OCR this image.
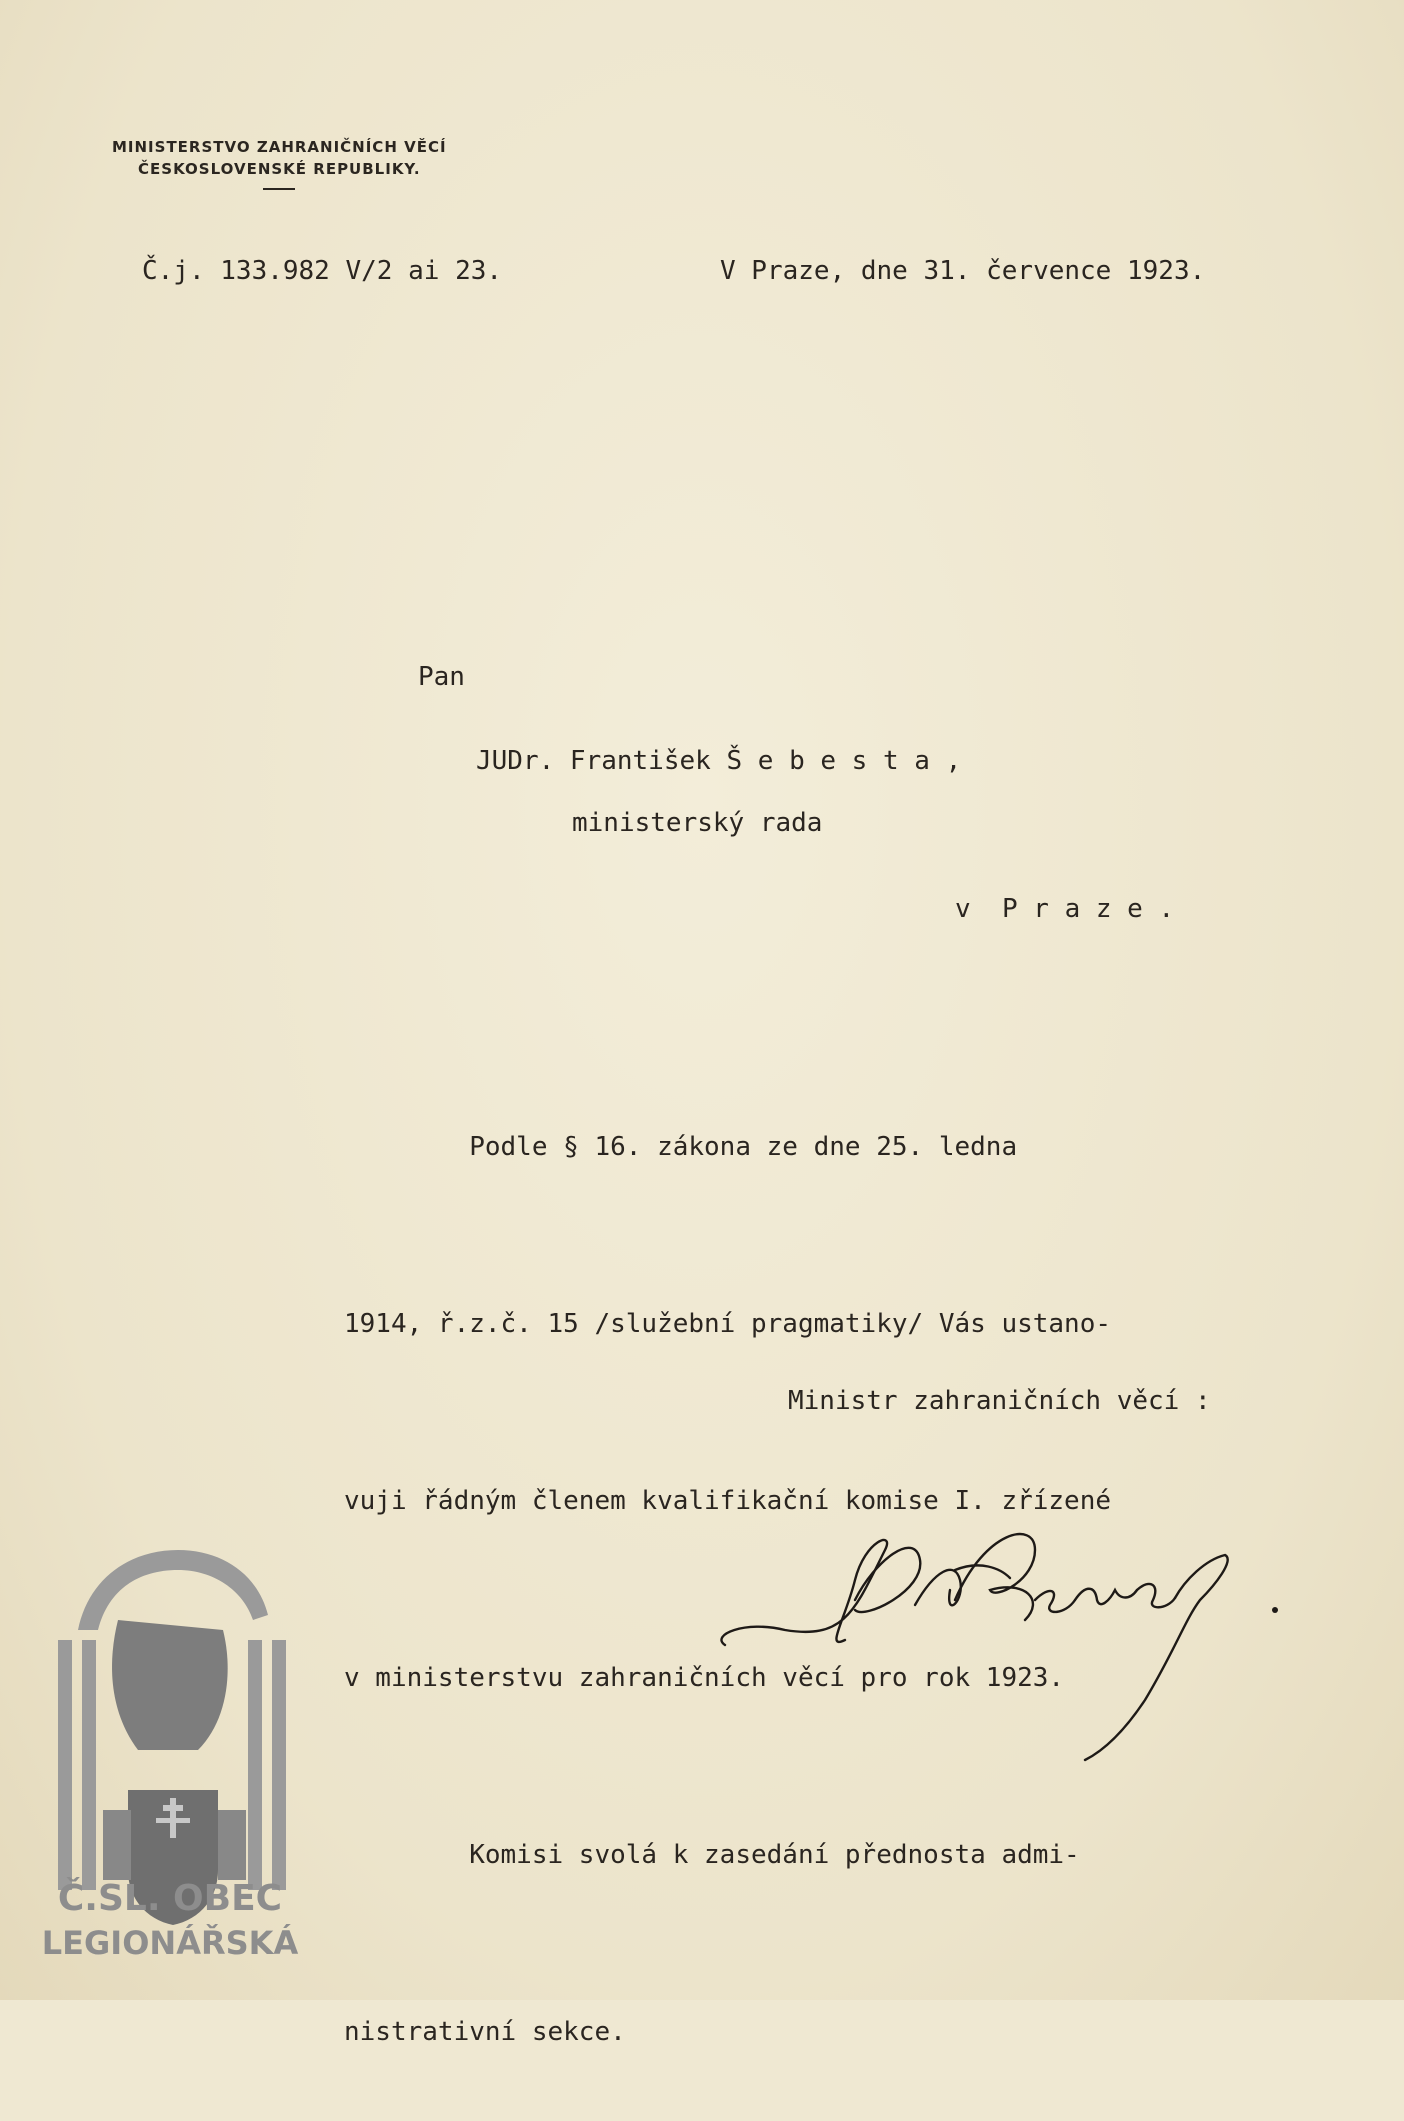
MINISTERSTVO ZAHRANIČNÍCH VĚCÍ
ČESKOSLOVENSKÉ REPUBLIKY.
Č.j. 133.982 V/2 ai 23.	V Praze, dne 31. července 1923.
Pan
JUDr. František Š e b e s t a ,
ministerský rada
v  P r a z e .

Podle § 16. zákona ze dne 25. ledna

1914, ř.z.č. 15 /služební pragmatiky/ Vás ustano-

vuji řádným členem kvalifikační komise I. zřízené

v ministerstvu zahraničních věcí pro rok 1923.

Komisi svolá k zasedání přednosta admi-

nistrativní sekce.

Ministr zahraničních věcí :
Č.SL. OBEC
LEGIONÁŘSKÁ
